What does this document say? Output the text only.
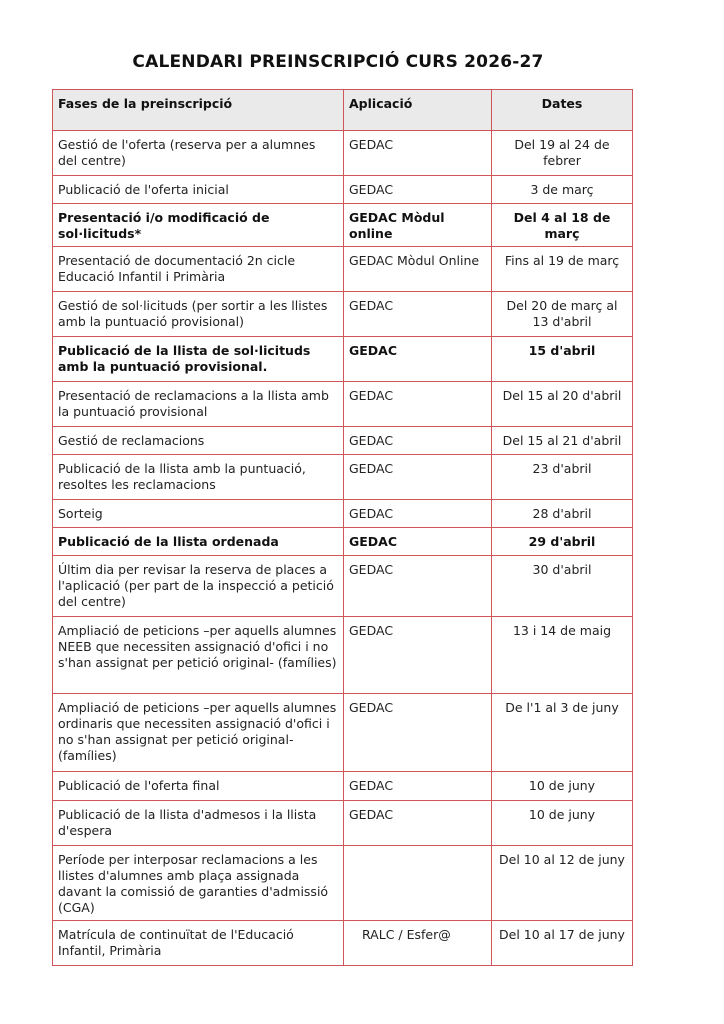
CALENDARI PREINSCRIPCIÓ CURS 2026-27
Fases de la preinscripció	Aplicació	Dates
Gestió de l'oferta (reserva per a alumnes del centre)	GEDAC	Del 19 al 24 de febrer
Publicació de l'oferta inicial	GEDAC	3 de març
Presentació i/o modificació de sol·licituds*	GEDAC Mòdul online	Del 4 al 18 de març
Presentació de documentació 2n cicle Educació Infantil i Primària	GEDAC Mòdul Online	Fins al 19 de març
Gestió de sol·licituds (per sortir a les llistes amb la puntuació provisional)	GEDAC	Del 20 de març al 13 d'abril
Publicació de la llista de sol·licituds amb la puntuació provisional.	GEDAC	15 d'abril
Presentació de reclamacions a la llista amb la puntuació provisional	GEDAC	Del 15 al 20 d'abril
Gestió de reclamacions	GEDAC	Del 15 al 21 d'abril
Publicació de la llista amb la puntuació, resoltes les reclamacions	GEDAC	23 d'abril
Sorteig	GEDAC	28 d'abril
Publicació de la llista ordenada	GEDAC	29 d'abril
Últim dia per revisar la reserva de places a l'aplicació (per part de la inspecció a petició del centre)	GEDAC	30 d'abril
Ampliació de peticions –per aquells alumnes NEEB que necessiten assignació d'ofici i no s'han assignat per petició original- (famílies)	GEDAC	13 i 14 de maig
Ampliació de peticions –per aquells alumnes ordinaris que necessiten assignació d'ofici i no s'han assignat per petició original- (famílies)	GEDAC	De l'1 al 3 de juny
Publicació de l'oferta final	GEDAC	10 de juny
Publicació de la llista d'admesos i la llista d'espera	GEDAC	10 de juny
Període per interposar reclamacions a les llistes d'alumnes amb plaça assignada davant la comissió de garanties d'admissió (CGA)		Del 10 al 12 de juny
Matrícula de continuïtat de l'Educació Infantil, Primària	RALC / Esfer@	Del 10 al 17 de juny
